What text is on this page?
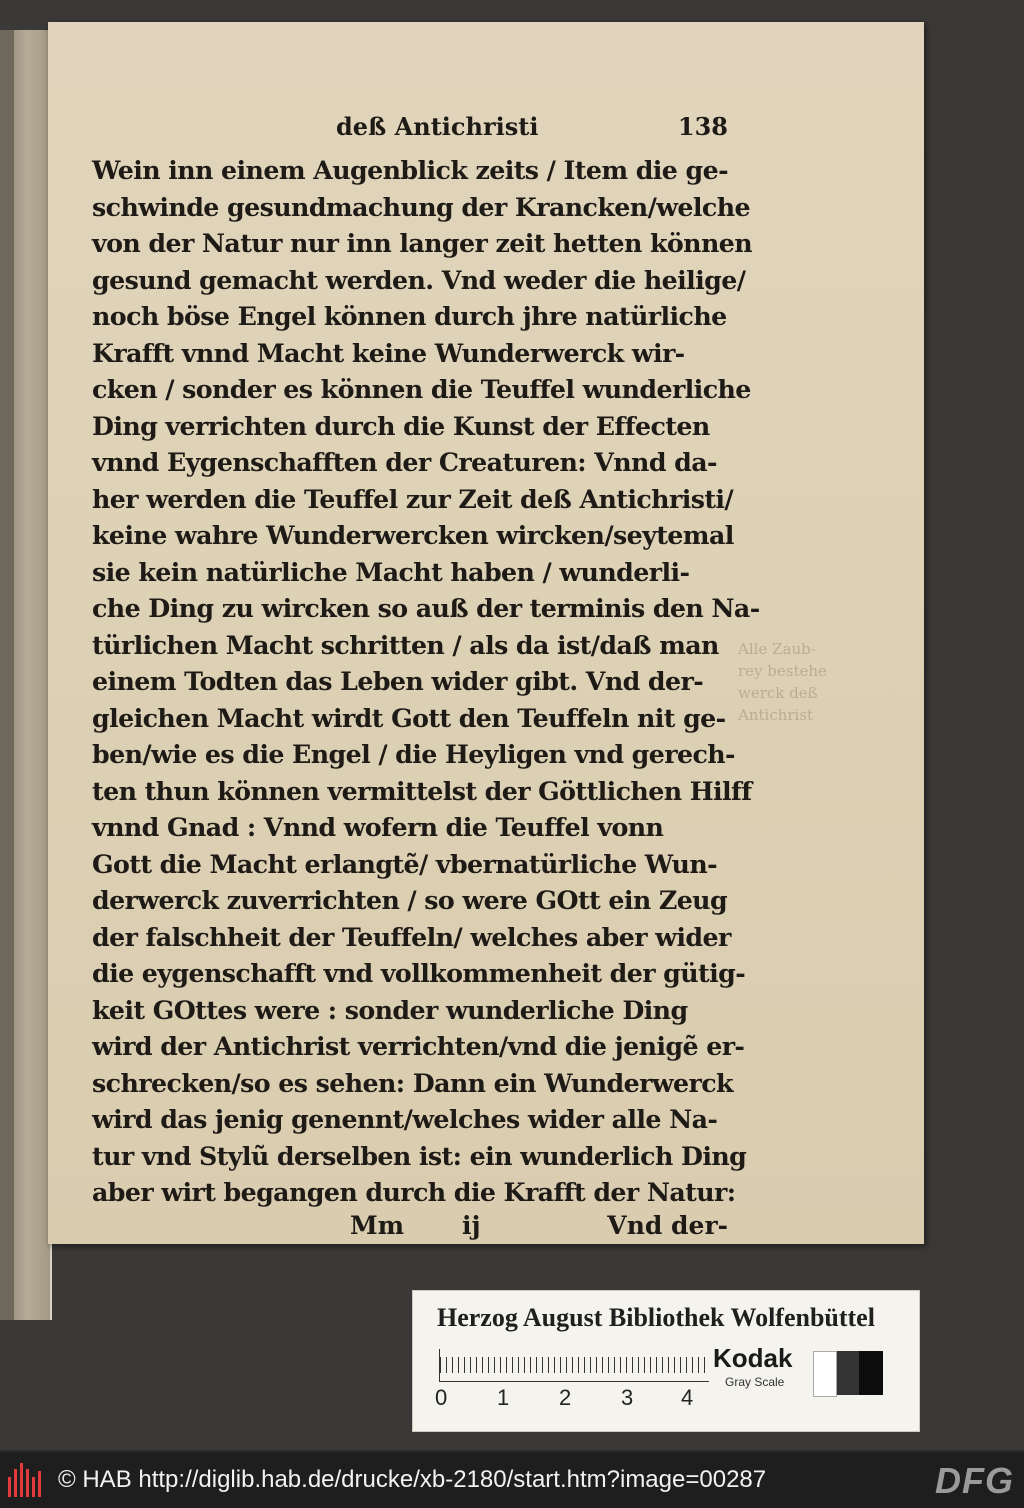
Alle Zaub-
rey bestehe
werck deß
Antichrist
deß Antichristi	138
Wein inn einem Augenblick zeits / Item die ge-
schwinde gesundmachung der Krancken/welche
von der Natur nur inn langer zeit hetten können
gesund gemacht werden. Vnd weder die heilige/
noch böse Engel können durch jhre natürliche
Krafft vnnd Macht keine Wunderwerck wir-
cken / sonder es können die Teuffel wunderliche
Ding verrichten durch die Kunst der Effecten
vnnd Eygenschafften der Creaturen: Vnnd da-
her werden die Teuffel zur Zeit deß Antichristi/
keine wahre Wunderwercken wircken/seytemal
sie kein natürliche Macht haben / wunderli-
che Ding zu wircken so auß der terminis den Na-
türlichen Macht schritten / als da ist/daß man
einem Todten das Leben wider gibt. Vnd der-
gleichen Macht wirdt Gott den Teuffeln nit ge-
ben/wie es die Engel / die Heyligen vnd gerech-
ten thun können vermittelst der Göttlichen Hilff
vnnd Gnad : Vnnd wofern die Teuffel vonn
Gott die Macht erlangtẽ/ vbernatürliche Wun-
derwerck zuverrichten / so were GOtt ein Zeug
der falschheit der Teuffeln/ welches aber wider
die eygenschafft vnd vollkommenheit der gütig-
keit GOttes were : sonder wunderliche Ding
wird der Antichrist verrichten/vnd die jenigẽ er-
schrecken/so es sehen: Dann ein Wunderwerck
wird das jenig genennt/welches wider alle Na-
tur vnd Stylũ derselben ist: ein wunderlich Ding
aber wirt begangen durch die Krafft der Natur:
Mm ij	Vnd der-
Herzog August Bibliothek Wolfenbüttel
0 1 2 3 4
Kodak
Gray Scale
© HAB http://diglib.hab.de/drucke/xb-2180/start.htm?image=00287	DFG
